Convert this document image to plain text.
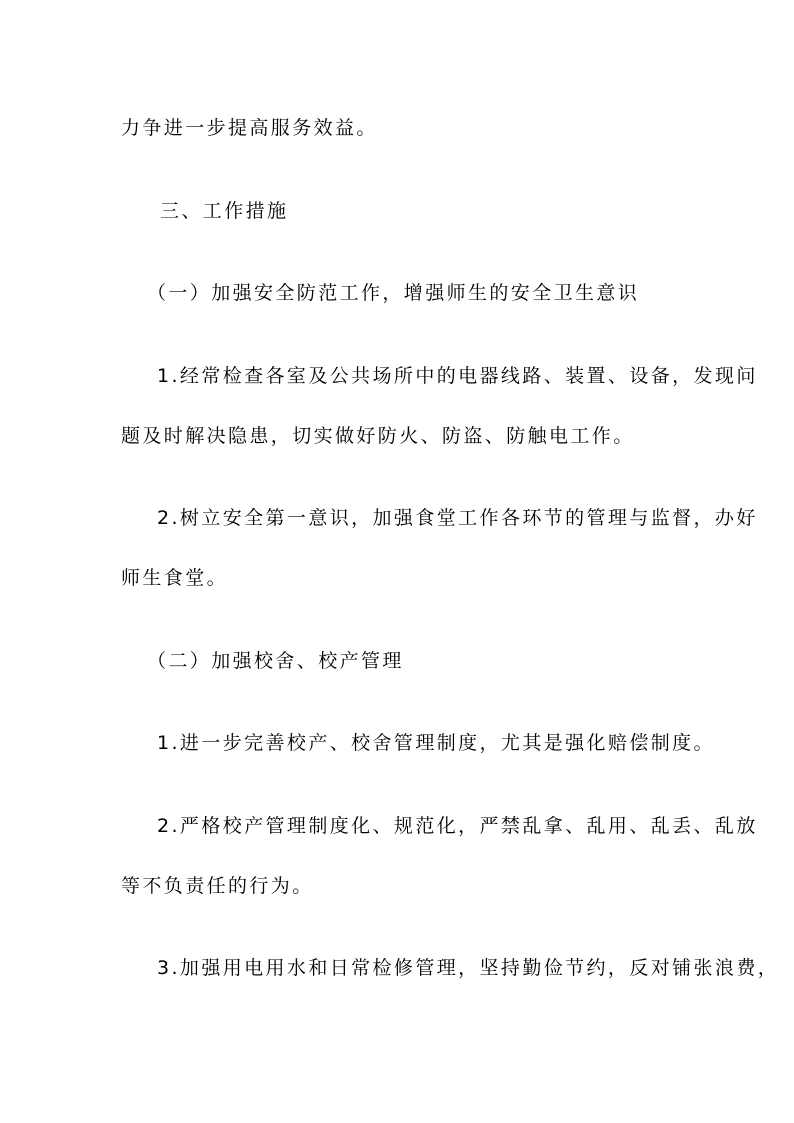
力争进一步提高服务效益。
三、工作措施
（一）加强安全防范工作，增强师生的安全卫生意识
1.经常检查各室及公共场所中的电器线路、装置、设备，发现问
题及时解决隐患，切实做好防火、防盗、防触电工作。
2.树立安全第一意识，加强食堂工作各环节的管理与监督，办好
师生食堂。
（二）加强校舍、校产管理
1.进一步完善校产、校舍管理制度，尤其是强化赔偿制度。
2.严格校产管理制度化、规范化，严禁乱拿、乱用、乱丢、乱放
等不负责任的行为。
3.加强用电用水和日常检修管理，坚持勤俭节约，反对铺张浪费，
